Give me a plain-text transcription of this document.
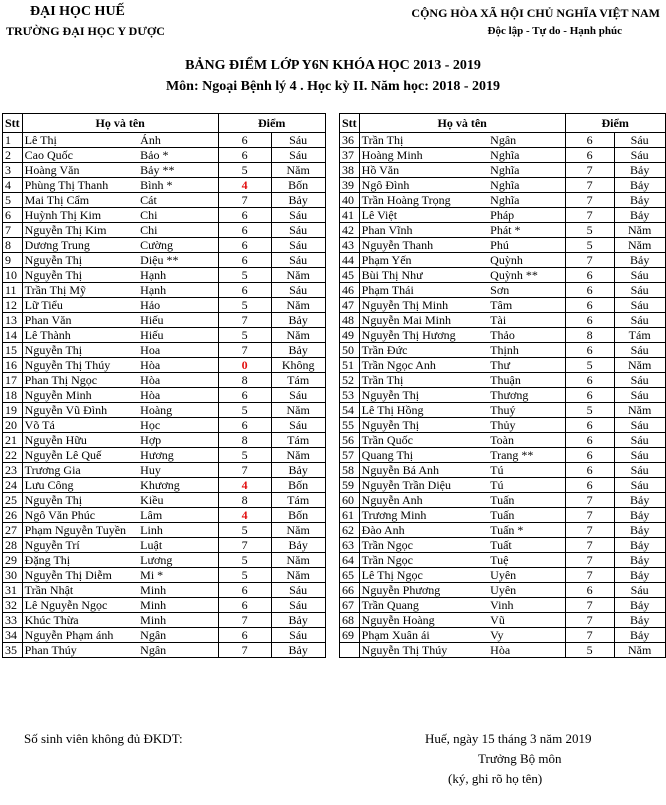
ĐẠI HỌC HUẾ
TRƯỜNG ĐẠI HỌC Y DƯỢC
CỘNG HÒA XÃ HỘI CHỦ NGHĨA VIỆT NAM
Độc lập - Tự do - Hạnh phúc
BẢNG ĐIỂM LỚP Y6N KHÓA HỌC 2013 - 2019
Môn: Ngoại Bệnh lý 4 . Học kỳ II. Năm học: 2018 - 2019
Stt	Họ và tên		Điểm	
1	Lê Thị	Ánh	6	Sáu
2	Cao Quốc	Bảo *	6	Sáu
3	Hoàng Văn	Bảy **	5	Năm
4	Phùng Thị Thanh	Bình *	4	Bốn
5	Mai Thị Cẩm	Cát	7	Bảy
6	Huỳnh Thị Kim	Chi	6	Sáu
7	Nguyễn Thị Kim	Chi	6	Sáu
8	Dương Trung	Cường	6	Sáu
9	Nguyễn Thị	Diệu **	6	Sáu
10	Nguyễn Thị	Hạnh	5	Năm
11	Trần Thị Mỹ	Hạnh	6	Sáu
12	Lữ Tiểu	Hảo	5	Năm
13	Phan Văn	Hiếu	7	Bảy
14	Lê Thành	Hiếu	5	Năm
15	Nguyễn Thị	Hoa	7	Bảy
16	Nguyễn Thị Thúy	Hòa	0	Không
17	Phan Thị Ngọc	Hòa	8	Tám
18	Nguyễn Minh	Hòa	6	Sáu
19	Nguyễn Vũ Đình	Hoàng	5	Năm
20	Võ Tá	Học	6	Sáu
21	Nguyễn Hữu	Hợp	8	Tám
22	Nguyễn Lê Quế	Hương	5	Năm
23	Trương Gia	Huy	7	Bảy
24	Lưu Công	Khương	4	Bốn
25	Nguyễn Thị	Kiều	8	Tám
26	Ngô Văn Phúc	Lâm	4	Bốn
27	Phạm Nguyễn Tuyền	Linh	5	Năm
28	Nguyễn Trí	Luật	7	Bảy
29	Đặng Thị	Lương	5	Năm
30	Nguyễn Thị Diễm	Mi *	5	Năm
31	Trần Nhật	Minh	6	Sáu
32	Lê Nguyễn Ngọc	Minh	6	Sáu
33	Khúc Thừa	Minh	7	Bảy
34	Nguyễn Phạm ánh	Ngân	6	Sáu
35	Phan Thúy	Ngân	7	Bảy
Stt	Họ và tên		Điểm	
36	Trần Thị	Ngân	6	Sáu
37	Hoàng Minh	Nghĩa	6	Sáu
38	Hồ Văn	Nghĩa	7	Bảy
39	Ngô Đình	Nghĩa	7	Bảy
40	Trần Hoàng Trọng	Nghĩa	7	Bảy
41	Lê Việt	Pháp	7	Bảy
42	Phan Vĩnh	Phát *	5	Năm
43	Nguyễn Thanh	Phú	5	Năm
44	Phạm Yến	Quỳnh	7	Bảy
45	Bùi Thị Như	Quỳnh **	6	Sáu
46	Phạm Thái	Sơn	6	Sáu
47	Nguyễn Thị Minh	Tâm	6	Sáu
48	Nguyễn Mai Minh	Tài	6	Sáu
49	Nguyễn Thị Hương	Thảo	8	Tám
50	Trần Đức	Thịnh	6	Sáu
51	Trần Ngọc Anh	Thư	5	Năm
52	Trần Thị	Thuận	6	Sáu
53	Nguyễn Thị	Thương	6	Sáu
54	Lê Thị Hồng	Thuý	5	Năm
55	Nguyễn Thị	Thủy	6	Sáu
56	Trần Quốc	Toàn	6	Sáu
57	Quang Thị	Trang **	6	Sáu
58	Nguyễn Bá Anh	Tú	6	Sáu
59	Nguyễn Trần Diệu	Tú	6	Sáu
60	Nguyễn Anh	Tuấn	7	Bảy
61	Trương Minh	Tuấn	7	Bảy
62	Đào Anh	Tuấn *	7	Bảy
63	Trần Ngọc	Tuất	7	Bảy
64	Trần Ngọc	Tuệ	7	Bảy
65	Lê Thị Ngọc	Uyên	7	Bảy
66	Nguyễn Phương	Uyên	6	Sáu
67	Trần Quang	Vinh	7	Bảy
68	Nguyễn Hoàng	Vũ	7	Bảy
69	Phạm Xuân ái	Vy	7	Bảy
	Nguyễn Thị Thúy	Hòa	5	Năm
Số sinh viên không đủ ĐKDT:	Huế, ngày 15 tháng 3 năm 2019
Trưởng Bộ môn
(ký, ghi rõ họ tên)
